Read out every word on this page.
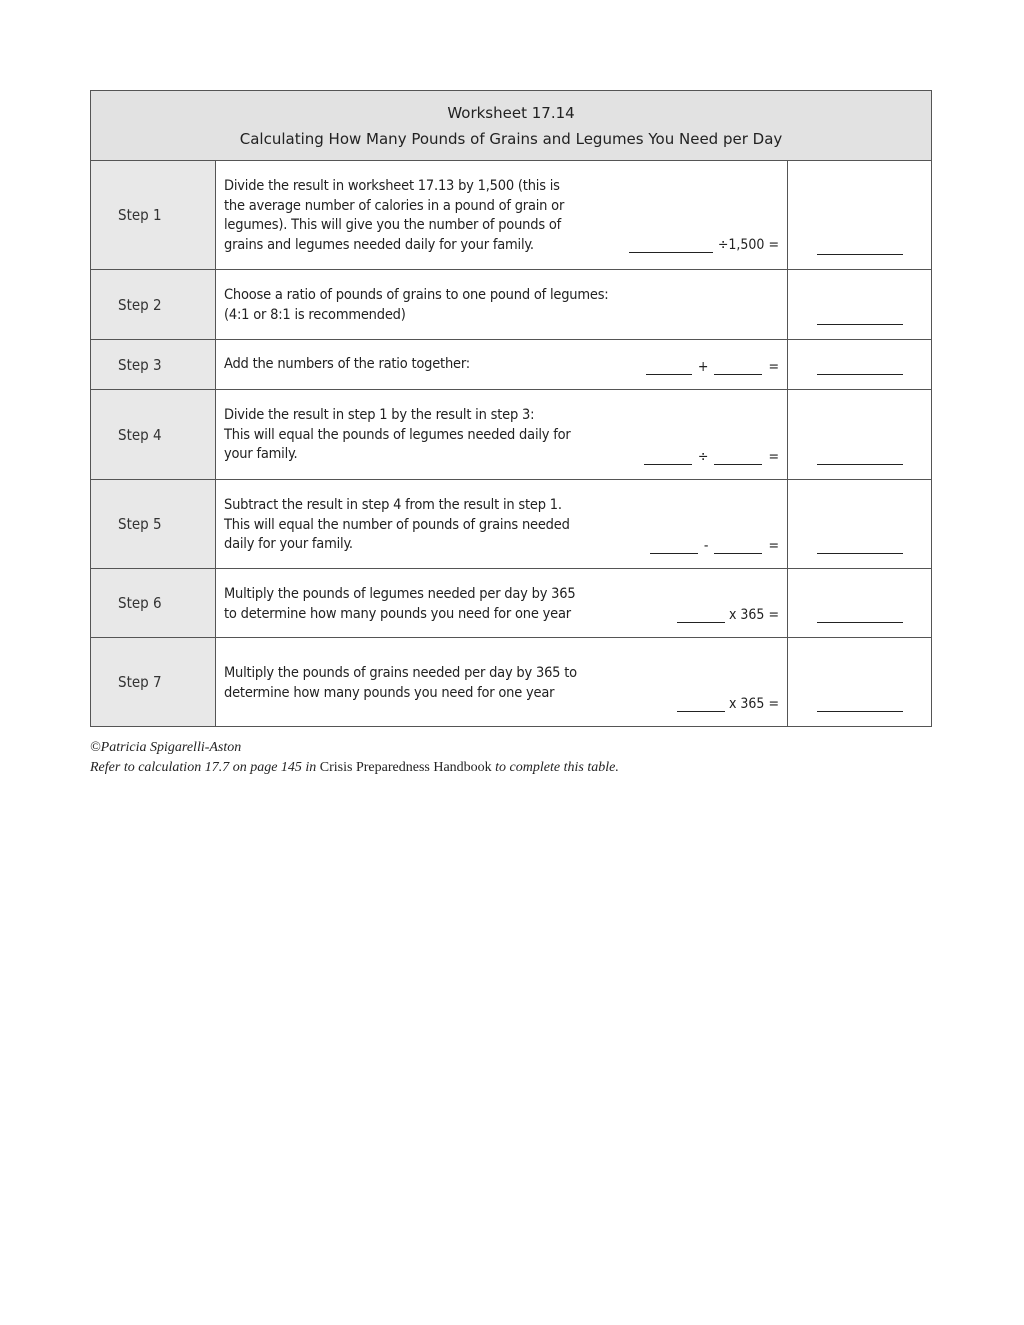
Worksheet 17.14
Calculating How Many Pounds of Grains and Legumes You Need per Day		

Step 1	Divide the result in worksheet 17.13 by 1,500 (this is
the average number of calories in a pound of grain or
legumes). This will give you the number of pounds of
grains and legumes needed daily for your family. ÷1,500 =	

Step 2	Choose a ratio of pounds of grains to one pound of legumes:
(4:1 or 8:1 is recommended)	

Step 3	Add the numbers of the ratio together: + =	

Step 4	Divide the result in step 1 by the result in step 3:
This will equal the pounds of legumes needed daily for
your family. ÷ =	

Step 5	Subtract the result in step 4 from the result in step 1.
This will equal the number of pounds of grains needed
daily for your family. - =	

Step 6	Multiply the pounds of legumes needed per day by 365
to determine how many pounds you need for one year x 365 =	

Step 7	Multiply the pounds of grains needed per day by 365 to
determine how many pounds you need for one year
x 365 =	

©Patricia Spigarelli-Aston
Refer to calculation 17.7 on page 145 in Crisis Preparedness Handbook to complete this table.
